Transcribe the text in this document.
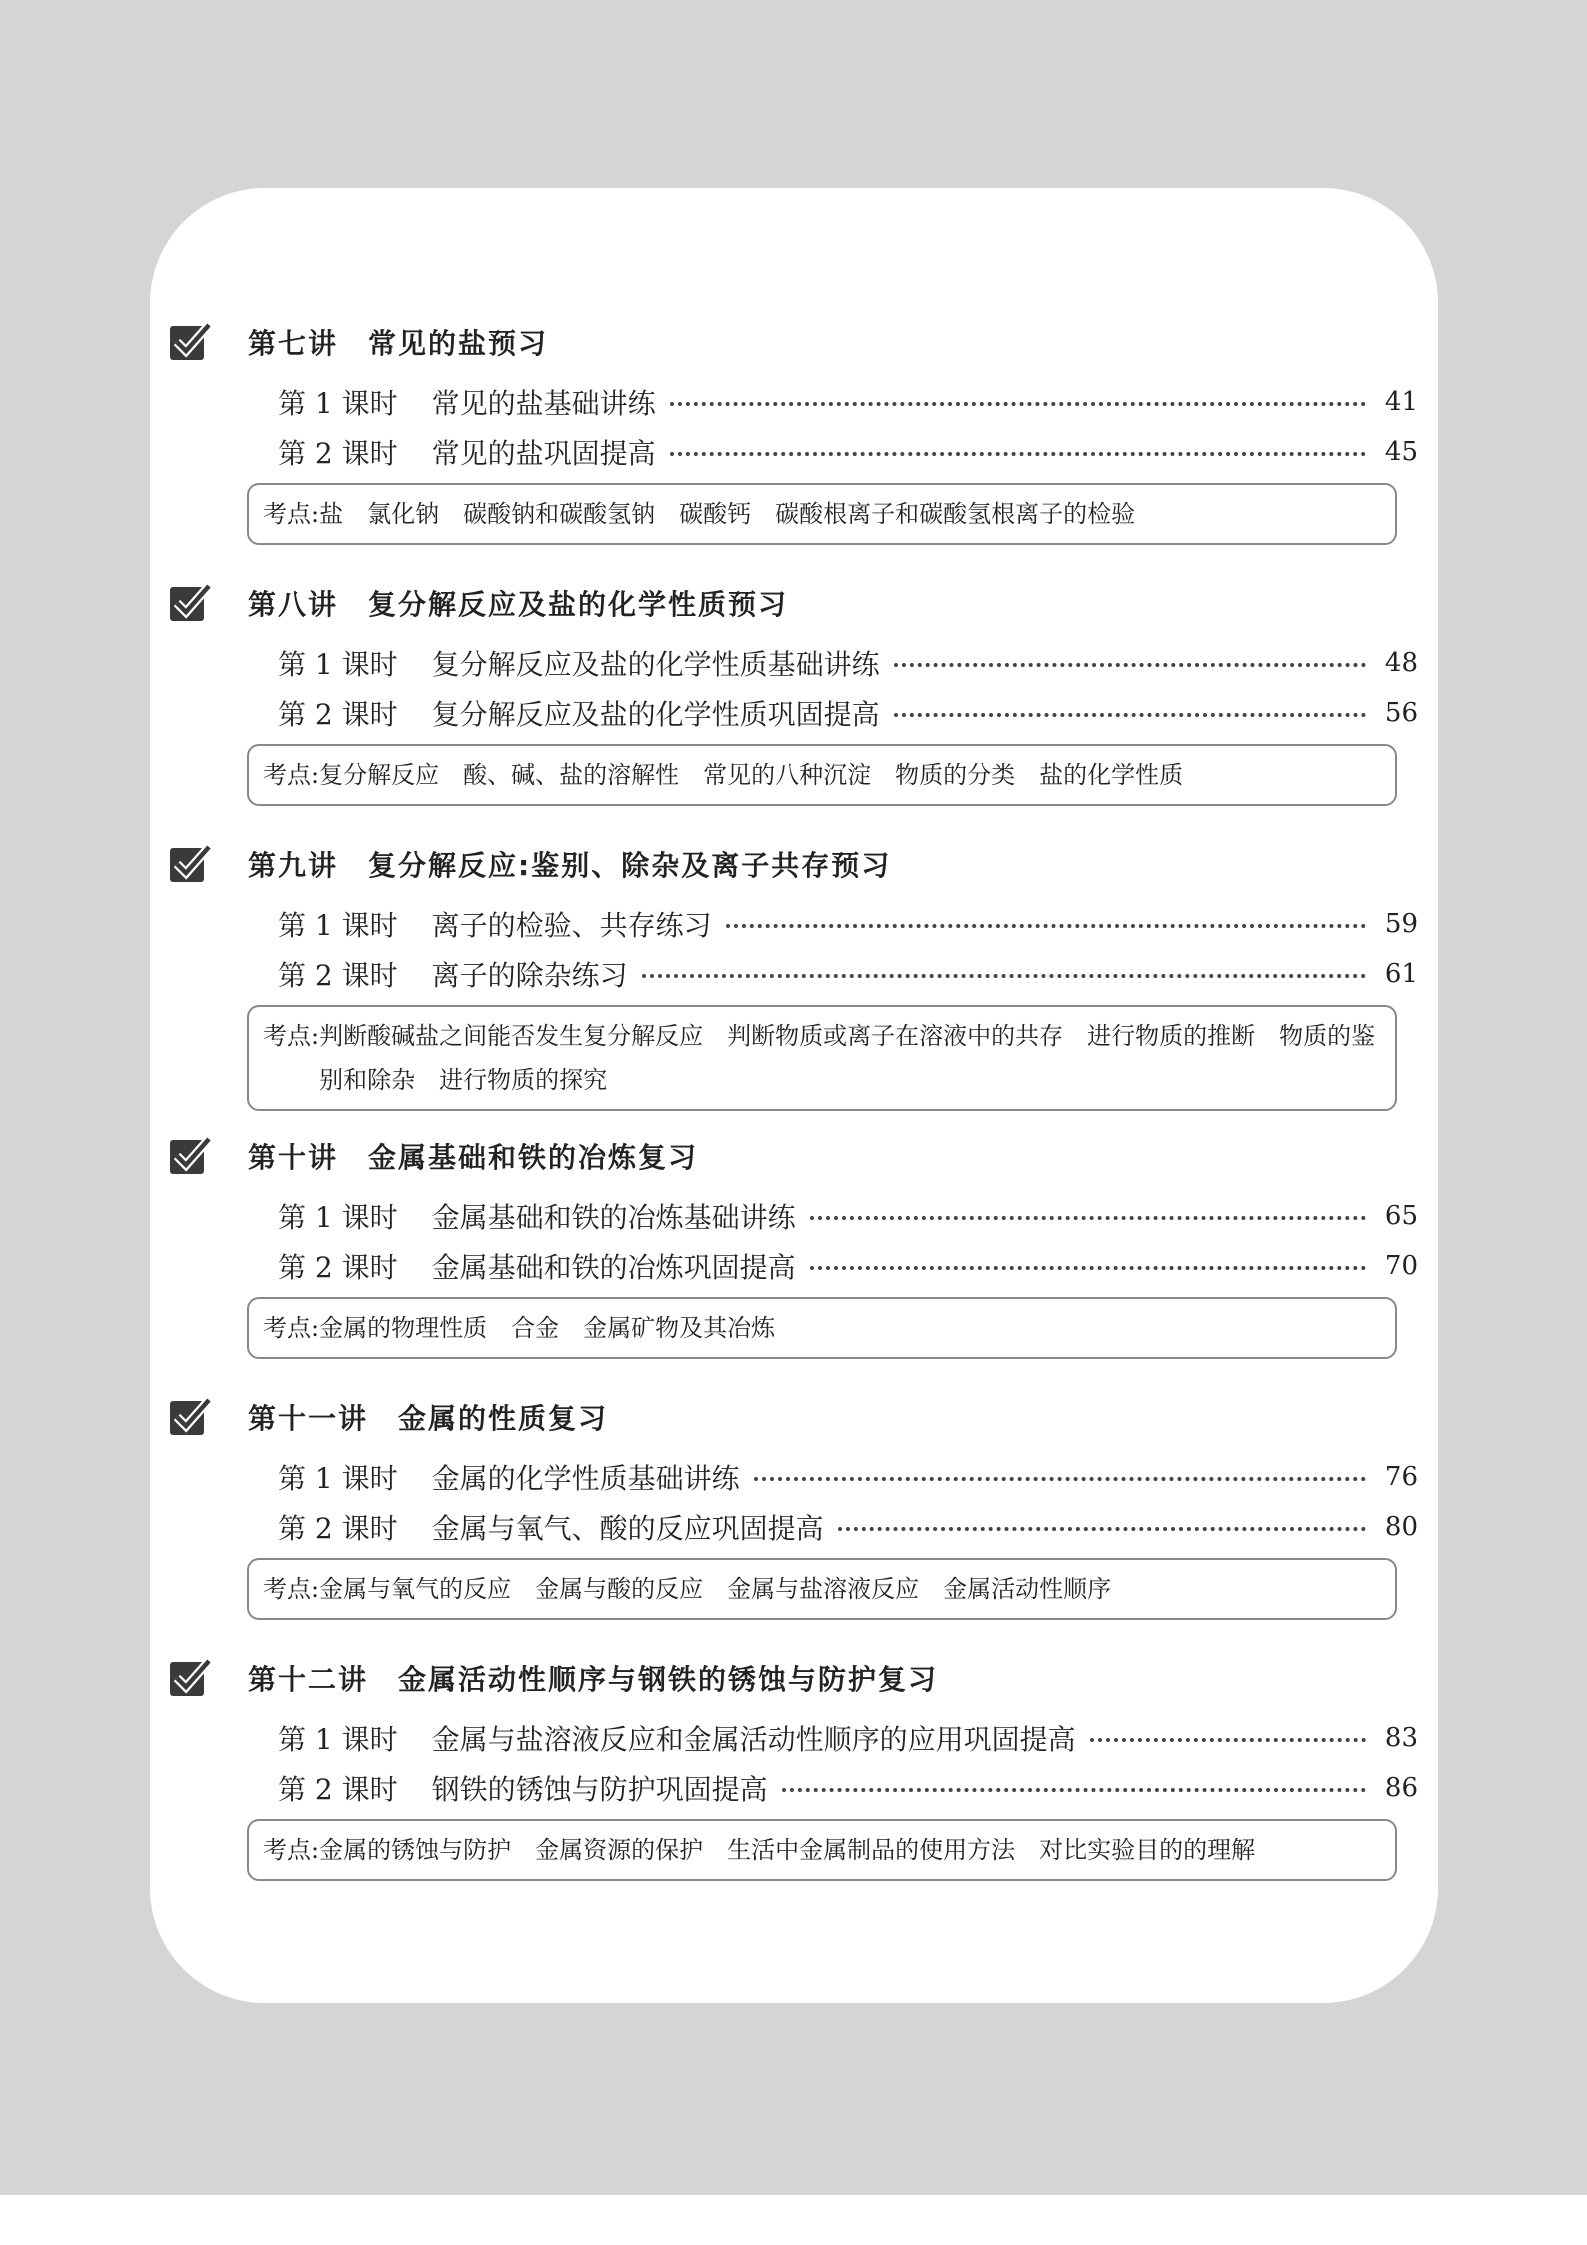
第七讲　常见的盐预习
第 1 课时 常见的盐基础讲练	41
第 2 课时 常见的盐巩固提高	45
考点: 盐　氯化钠　碳酸钠和碳酸氢钠　碳酸钙　碳酸根离子和碳酸氢根离子的检验
第八讲　复分解反应及盐的化学性质预习
第 1 课时 复分解反应及盐的化学性质基础讲练	48
第 2 课时 复分解反应及盐的化学性质巩固提高	56
考点: 复分解反应　酸、碱、盐的溶解性　常见的八种沉淀　物质的分类　盐的化学性质
第九讲　复分解反应:鉴别、除杂及离子共存预习
第 1 课时 离子的检验、共存练习	59
第 2 课时 离子的除杂练习	61
考点: 判断酸碱盐之间能否发生复分解反应　判断物质或离子在溶液中的共存　进行物质的推断　物质的鉴别和除杂　进行物质的探究
第十讲　金属基础和铁的冶炼复习
第 1 课时 金属基础和铁的冶炼基础讲练	65
第 2 课时 金属基础和铁的冶炼巩固提高	70
考点: 金属的物理性质　合金　金属矿物及其冶炼
第十一讲　金属的性质复习
第 1 课时 金属的化学性质基础讲练	76
第 2 课时 金属与氧气、酸的反应巩固提高	80
考点: 金属与氧气的反应　金属与酸的反应　金属与盐溶液反应　金属活动性顺序
第十二讲　金属活动性顺序与钢铁的锈蚀与防护复习
第 1 课时 金属与盐溶液反应和金属活动性顺序的应用巩固提高	83
第 2 课时 钢铁的锈蚀与防护巩固提高	86
考点: 金属的锈蚀与防护　金属资源的保护　生活中金属制品的使用方法　对比实验目的的理解
